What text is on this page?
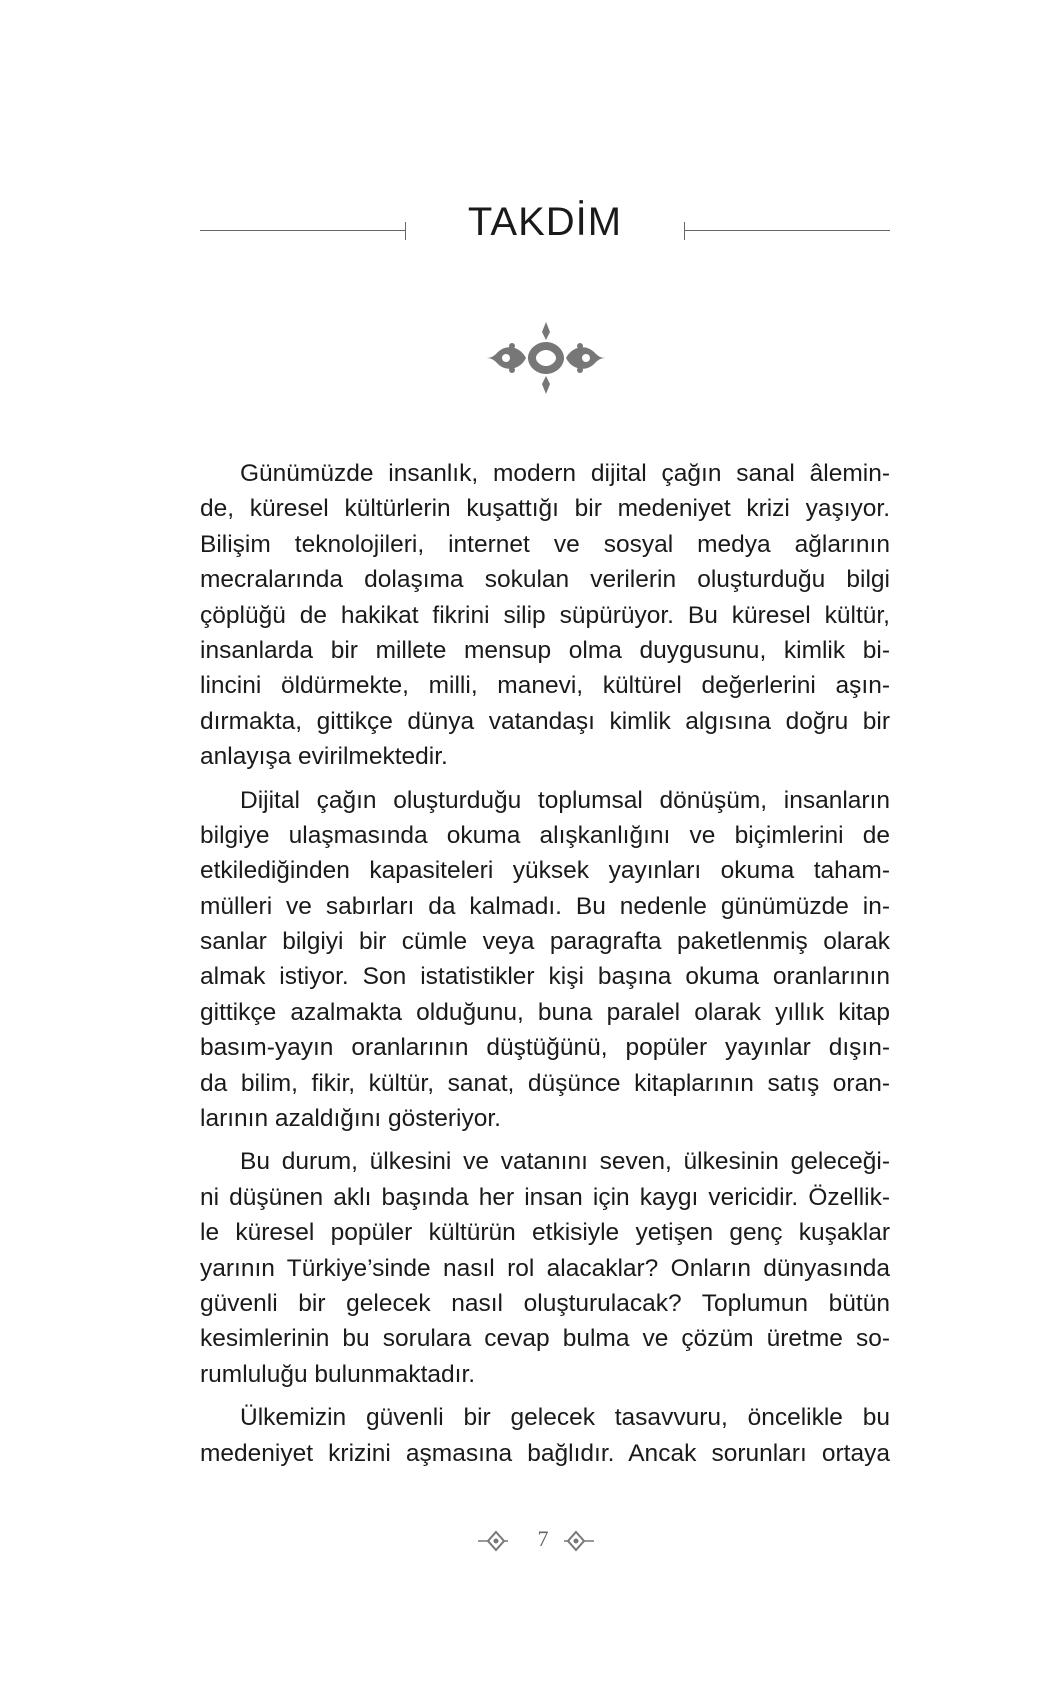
TAKDİM
Günümüzde insanlık, modern dijital çağın sanal âlemin-
de, küresel kültürlerin kuşattığı bir medeniyet krizi yaşıyor.
Bilişim teknolojileri, internet ve sosyal medya ağlarının
mecralarında dolaşıma sokulan verilerin oluşturduğu bilgi
çöplüğü de hakikat fikrini silip süpürüyor. Bu küresel kültür,
insanlarda bir millete mensup olma duygusunu, kimlik bi-
lincini öldürmekte, milli, manevi, kültürel değerlerini aşın-
dırmakta, gittikçe dünya vatandaşı kimlik algısına doğru bir
anlayışa evirilmektedir.
Dijital çağın oluşturduğu toplumsal dönüşüm, insanların
bilgiye ulaşmasında okuma alışkanlığını ve biçimlerini de
etkilediğinden kapasiteleri yüksek yayınları okuma taham-
mülleri ve sabırları da kalmadı. Bu nedenle günümüzde in-
sanlar bilgiyi bir cümle veya paragrafta paketlenmiş olarak
almak istiyor. Son istatistikler kişi başına okuma oranlarının
gittikçe azalmakta olduğunu, buna paralel olarak yıllık kitap
basım-yayın oranlarının düştüğünü, popüler yayınlar dışın-
da bilim, fikir, kültür, sanat, düşünce kitaplarının satış oran-
larının azaldığını gösteriyor.
Bu durum, ülkesini ve vatanını seven, ülkesinin geleceği-
ni düşünen aklı başında her insan için kaygı vericidir. Özellik-
le küresel popüler kültürün etkisiyle yetişen genç kuşaklar
yarının Türkiye’sinde nasıl rol alacaklar? Onların dünyasında
güvenli bir gelecek nasıl oluşturulacak? Toplumun bütün
kesimlerinin bu sorulara cevap bulma ve çözüm üretme so-
rumluluğu bulunmaktadır.
Ülkemizin güvenli bir gelecek tasavvuru, öncelikle bu
medeniyet krizini aşmasına bağlıdır. Ancak sorunları ortaya
7
